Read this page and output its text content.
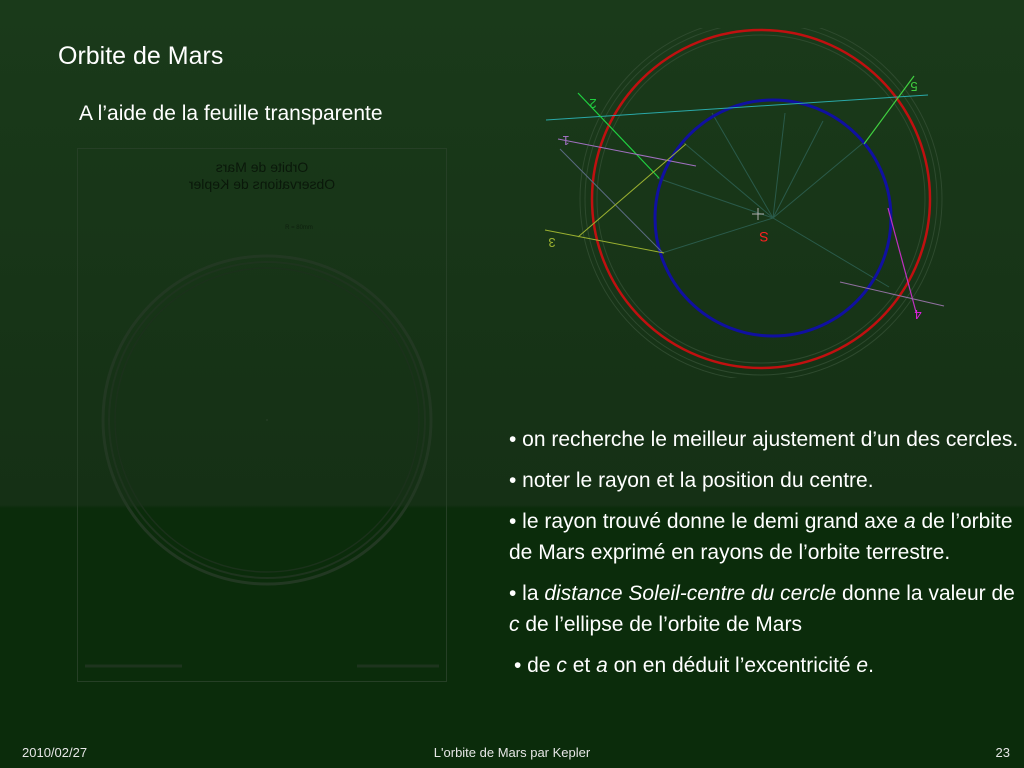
Orbite de Mars
A l’aide de la feuille transparente
Orbite de Mars
Observations de Kepler
R = 80mm
S
1
2
3
4
5
• on recherche le meilleur ajustement d’un des cercles.
• noter le rayon et la position du centre.
• le rayon trouvé donne le demi grand axe a de l’orbite de Mars exprimé en rayons de l’orbite terrestre.
• la distance Soleil-centre du cercle donne la valeur de c de l’ellipse de l’orbite de Mars
• de c et a on en déduit l’excentricité e.
2010/02/27	L'orbite de Mars par Kepler	23
